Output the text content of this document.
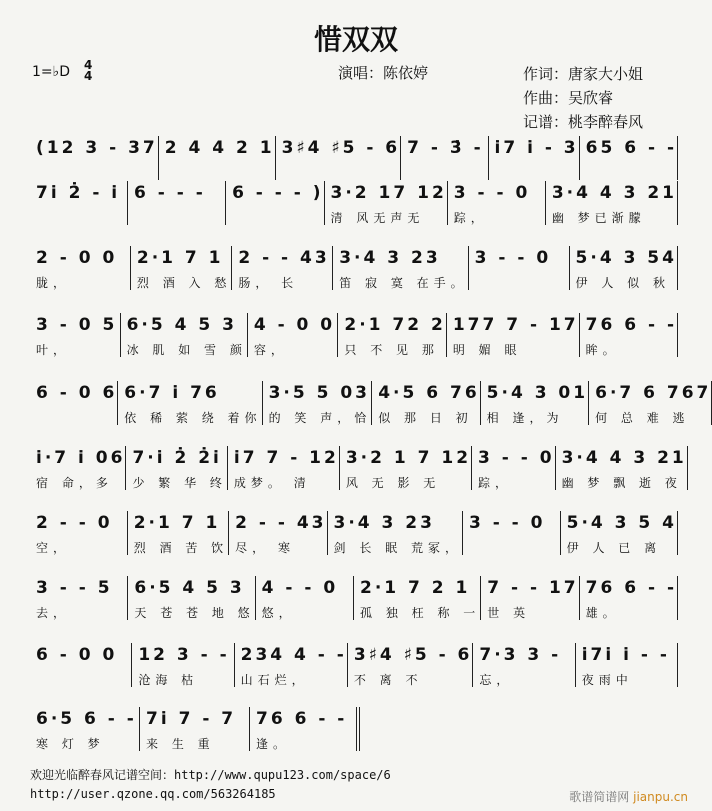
惜双双
1=♭D 4
4	演唱：陈依婷	作词：唐家大小姐
作曲：吴欣睿
记谱：桃李醉春风
(12 3 - 37 2 4 4 2 1 3♯4 ♯5 - 6 7 - 3̇ - i̇7 i̇ - 3 65 6 - -
7i̇ 2̇ - i̇ 6 - - -	6 - - - ) 3·2 17 12
清 风无声无
3 - - 0
踪，
3·4 4 3 21
幽 梦已渐朦
2 - 0 0
胧，
2·1 7 1
烈 酒 入 愁
2 - - 43
肠， 长
3·4 3 23
笛 寂 寞 在手。
3 - - 0	5·4 3 54
伊 人 似 秋
3 - 0 5
叶，
6·5 4 5 3
冰 肌 如 雪 颜
4 - 0 0
容，
2·1 72 2
只 不 见 那
177 7 - 17
明 媚 眼
76 6 - -
眸。
6 - 0 6 6·7 i̇ 76
依 稀 萦 绕 着你
3·5 5 03
的 笑 声，恰
4·5 6 76
似 那 日 初
5·4 3 01
相 逢，为
6·7 6 767
何 总 难 逃
i̇·7 i̇ 06
宿 命，多
7·i̇ 2̇ 2̇i̇
少 繁 华 终
i̇7 7 - 12
成梦。 清
3·2 1 7 12
风 无 影 无
3 - - 0
踪，
3·4 4 3 21
幽 梦 飘 逝 夜
2 - - 0
空，
2·1 7 1
烈 酒 苦 饮
2 - - 43
尽， 寒
3·4 3 23
剑 长 眠 荒冢，
3 - - 0	5·4 3 5 4
伊 人 已 离
3 - - 5
去，
6·5 4 5 3
天 苍 苍 地 悠
4 - - 0
悠，
2·1 7 2 1
孤 独 枉 称 一
7 - - 17
世 英
76 6 - -
雄。
6 - 0 0	12 3 - -
沧海 枯
234 4 - -
山石烂，
3♯4 ♯5 - 6
不 离 不
7·3 3 -
忘，
i̇7i̇ i̇ - -
夜雨中
6·5 6 - -
寒 灯 梦
7i̇ 7 - 7
来 生 重
76 6 - -
逢。
欢迎光临醉春风记谱空间：http://www.qupu123.com/space/6
http://user.qzone.qq.com/563264185	歌谱简谱网 jianpu.cn
